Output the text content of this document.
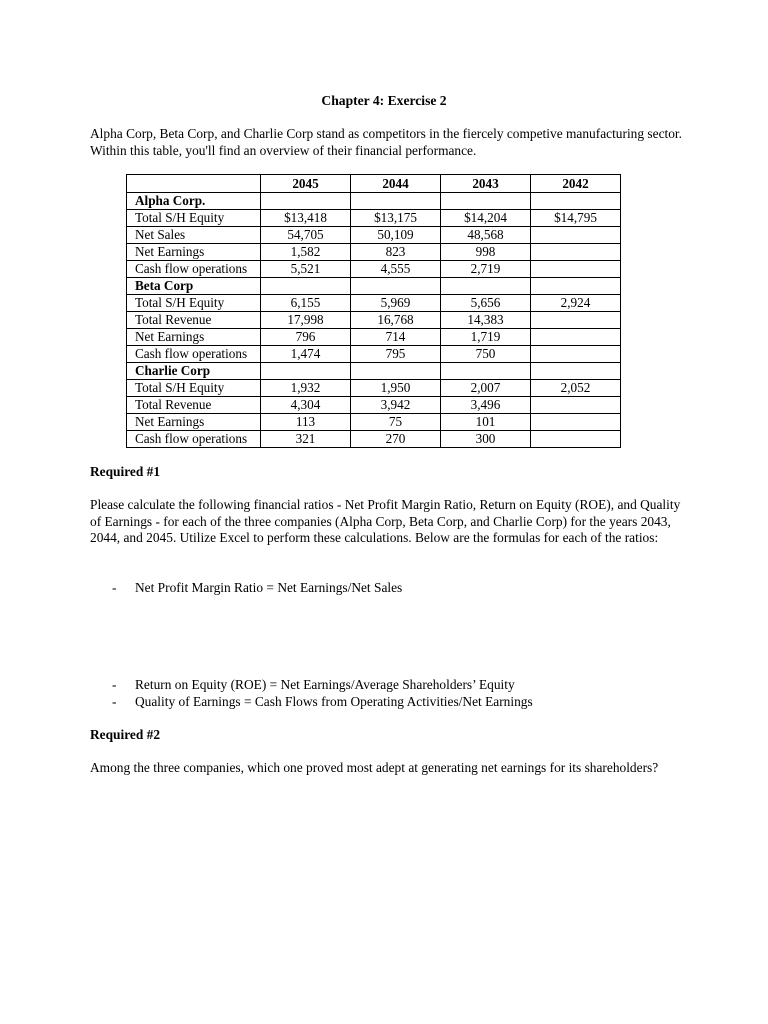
Chapter 4: Exercise 2
Alpha Corp, Beta Corp, and Charlie Corp stand as competitors in the fiercely competive manufacturing sector. Within this table, you'll find an overview of their financial performance.
	2045	2044	2043	2042
Alpha Corp.				
Total S/H Equity	$13,418	$13,175	$14,204	$14,795
Net Sales	54,705	50,109	48,568	
Net Earnings	1,582	823	998	
Cash flow operations	5,521	4,555	2,719	
Beta Corp				
Total S/H Equity	6,155	5,969	5,656	2,924
Total Revenue	17,998	16,768	14,383	
Net Earnings	796	714	1,719	
Cash flow operations	1,474	795	750	
Charlie Corp				
Total S/H Equity	1,932	1,950	2,007	2,052
Total Revenue	4,304	3,942	3,496	
Net Earnings	113	75	101	
Cash flow operations	321	270	300	
Required #1
Please calculate the following financial ratios - Net Profit Margin Ratio, Return on Equity (ROE), and Quality of Earnings - for each of the three companies (Alpha Corp, Beta Corp, and Charlie Corp) for the years 2043, 2044, and 2045. Utilize Excel to perform these calculations. Below are the formulas for each of the ratios:
- Net Profit Margin Ratio = Net Earnings/Net Sales
- Return on Equity (ROE) = Net Earnings/Average Shareholders’ Equity
- Quality of Earnings = Cash Flows from Operating Activities/Net Earnings
Required #2
Among the three companies, which one proved most adept at generating net earnings for its shareholders?
